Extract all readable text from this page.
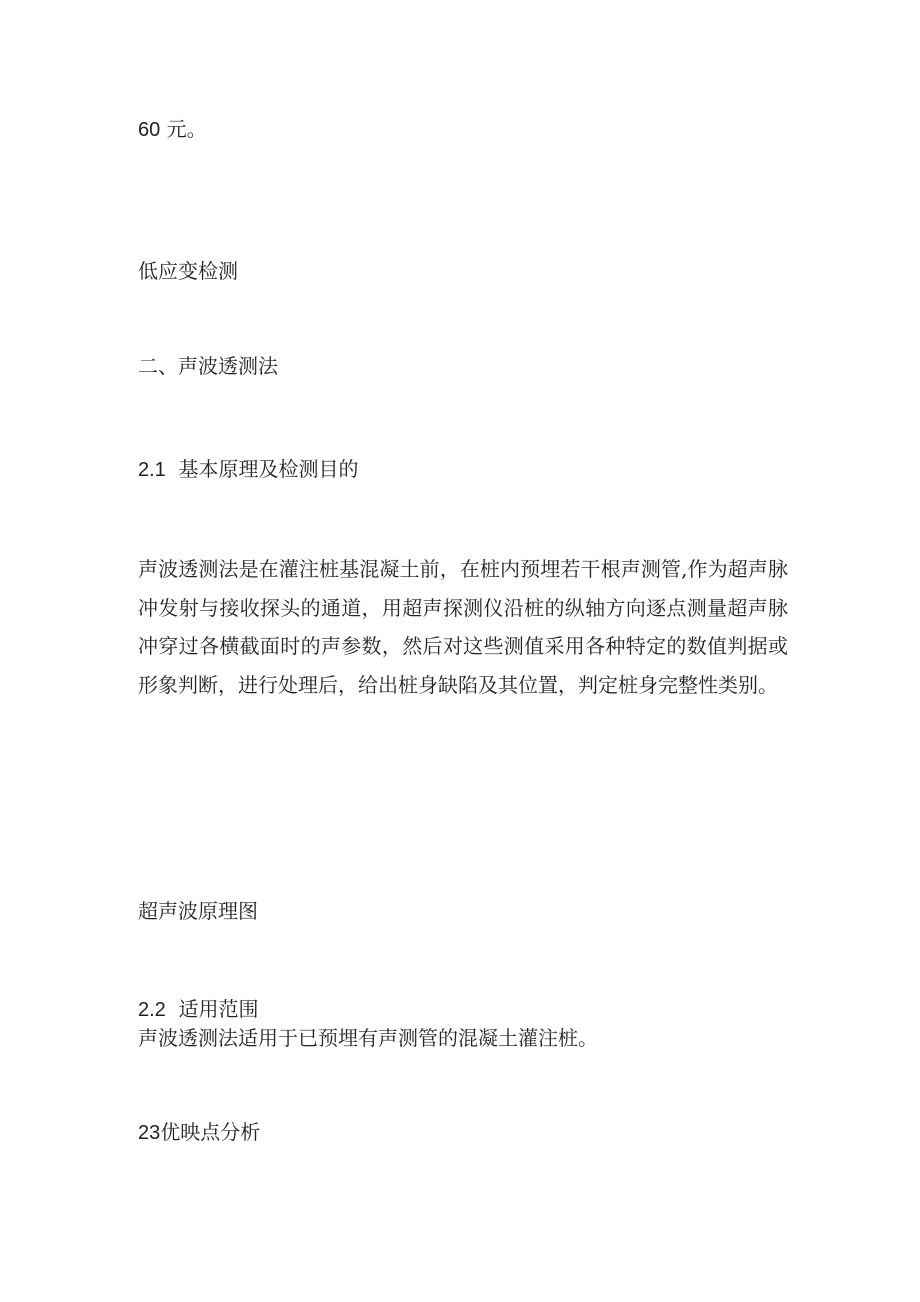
60 元。

低应变检测

二、声波透测法

2.1 基本原理及检测目的

声波透测法是在灌注桩基混凝土前，在桩内预埋若干根声测管,作为超声脉冲发射与接收探头的通道，用超声探测仪沿桩的纵轴方向逐点测量超声脉冲穿过各横截面时的声参数，然后对这些测值采用各种特定的数值判据或形象判断，进行处理后，给出桩身缺陷及其位置，判定桩身完整性类别。

超声波原理图

2.2 适用范围

声波透测法适用于已预埋有声测管的混凝土灌注桩。

23优映点分析
